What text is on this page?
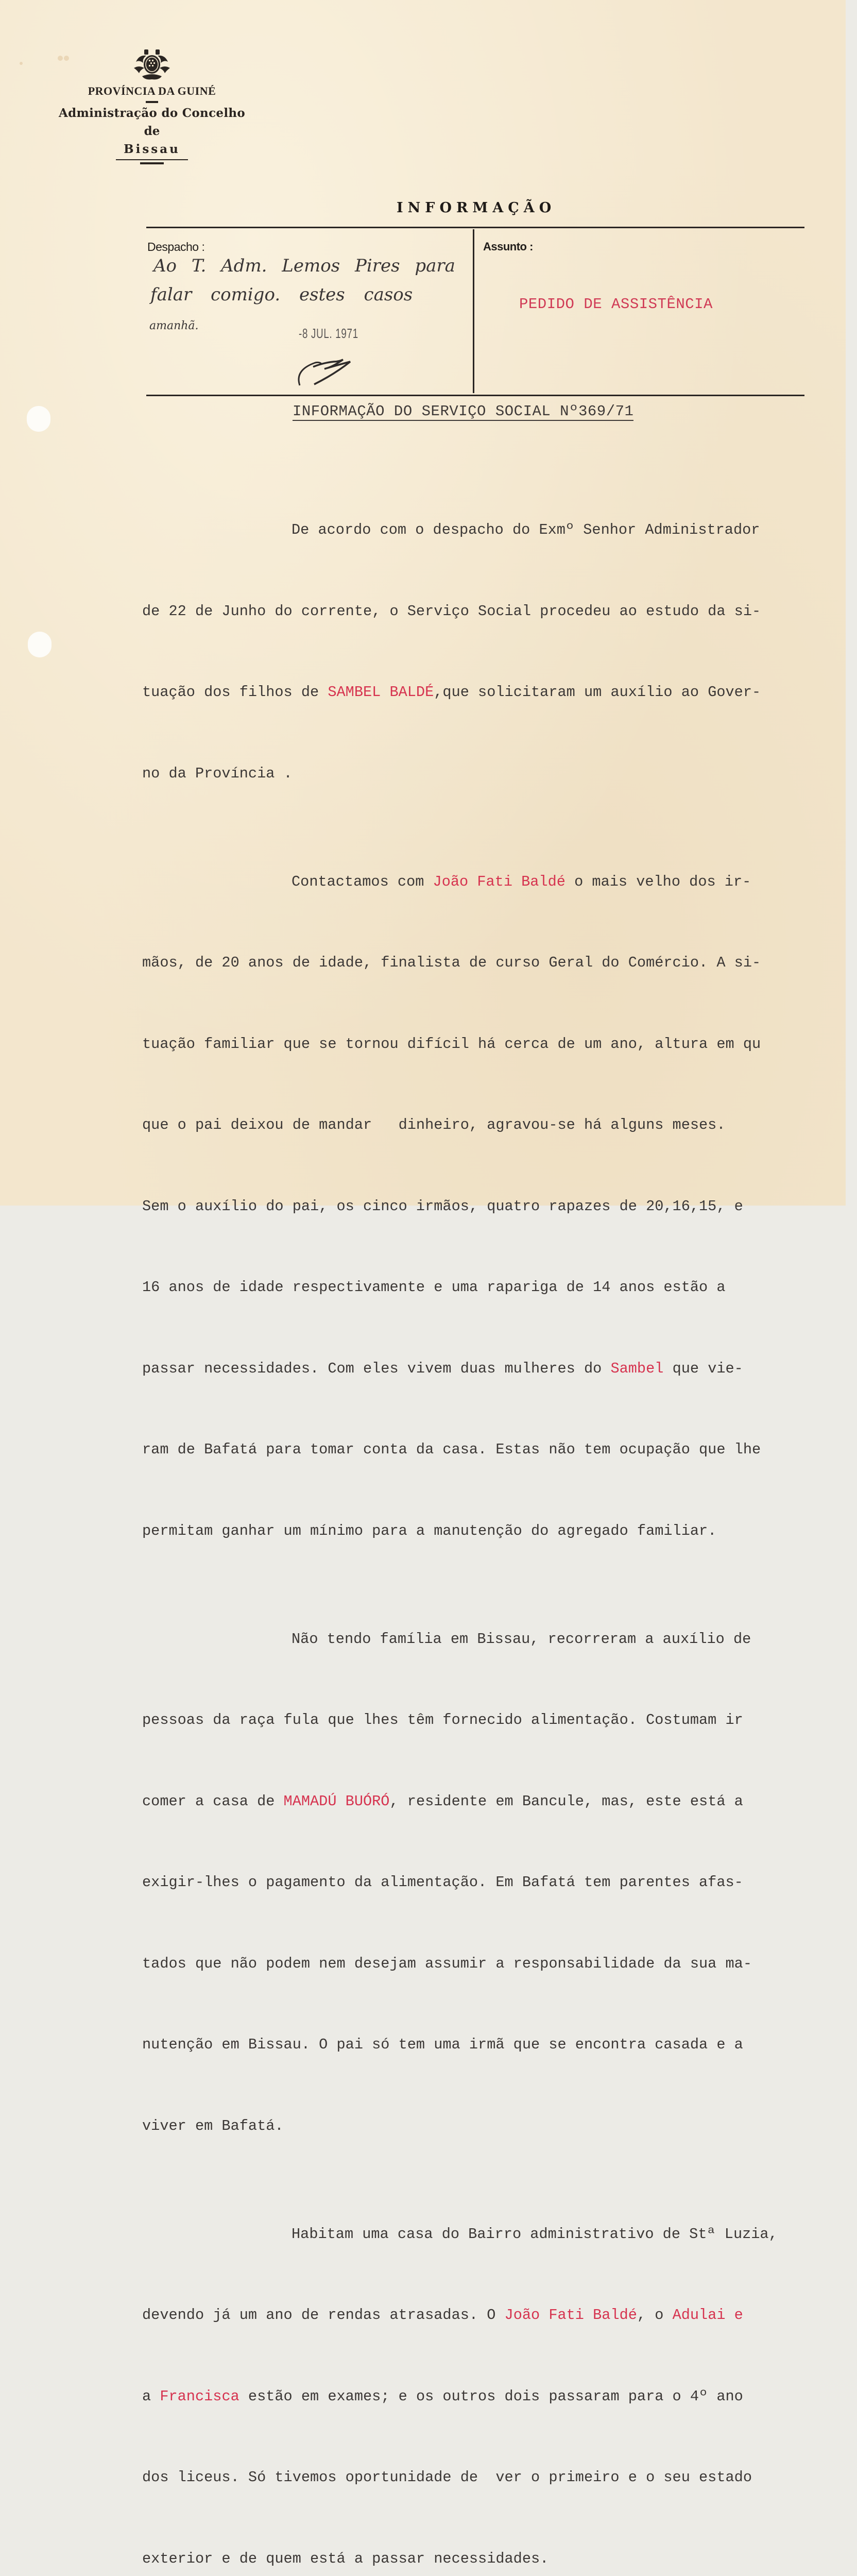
PROVÍNCIA DA GUINÉ
Administração do Concelho
de
Bissau
INFORMAÇÃO
Despacho :
Ao T. Adm. Lemos Pires para
falar comigo. estes casos
amanhã.	-8 JUL. 1971
Assunto :
PEDIDO DE ASSISTÊNCIA
INFORMAÇÃO DO SERVIÇO SOCIAL Nº369/71

De acordo com o despacho do Exmº Senhor Administrador

de 22 de Junho do corrente, o Serviço Social procedeu ao estudo da si-

tuação dos filhos de SAMBEL BALDÉ,que solicitaram um auxílio ao Gover-

no da Província .

Contactamos com João Fati Baldé o mais velho dos ir-

mãos, de 20 anos de idade, finalista de curso Geral do Comércio. A si-

tuação familiar que se tornou difícil há cerca de um ano, altura em qu

que o pai deixou de mandar   dinheiro, agravou-se há alguns meses.

Sem o auxílio do pai, os cinco irmãos, quatro rapazes de 20,16,15, e

16 anos de idade respectivamente e uma rapariga de 14 anos estão a

passar necessidades. Com eles vivem duas mulheres do Sambel que vie-

ram de Bafatá para tomar conta da casa. Estas não tem ocupação que lhe

permitam ganhar um mínimo para a manutenção do agregado familiar.

Não tendo família em Bissau, recorreram a auxílio de

pessoas da raça fula que lhes têm fornecido alimentação. Costumam ir

comer a casa de MAMADÚ BUÓRÓ, residente em Bancule, mas, este está a

exigir-lhes o pagamento da alimentação. Em Bafatá tem parentes afas-

tados que não podem nem desejam assumir a responsabilidade da sua ma-

nutenção em Bissau. O pai só tem uma irmã que se encontra casada e a

viver em Bafatá.

Habitam uma casa do Bairro administrativo de Stª Luzia,

devendo já um ano de rendas atrasadas. O João Fati Baldé, o Adulai e

a Francisca estão em exames; e os outros dois passaram para o 4º ano

dos liceus. Só tivemos oportunidade de  ver o primeiro e o seu estado

exterior e de quem está a passar necessidades.
